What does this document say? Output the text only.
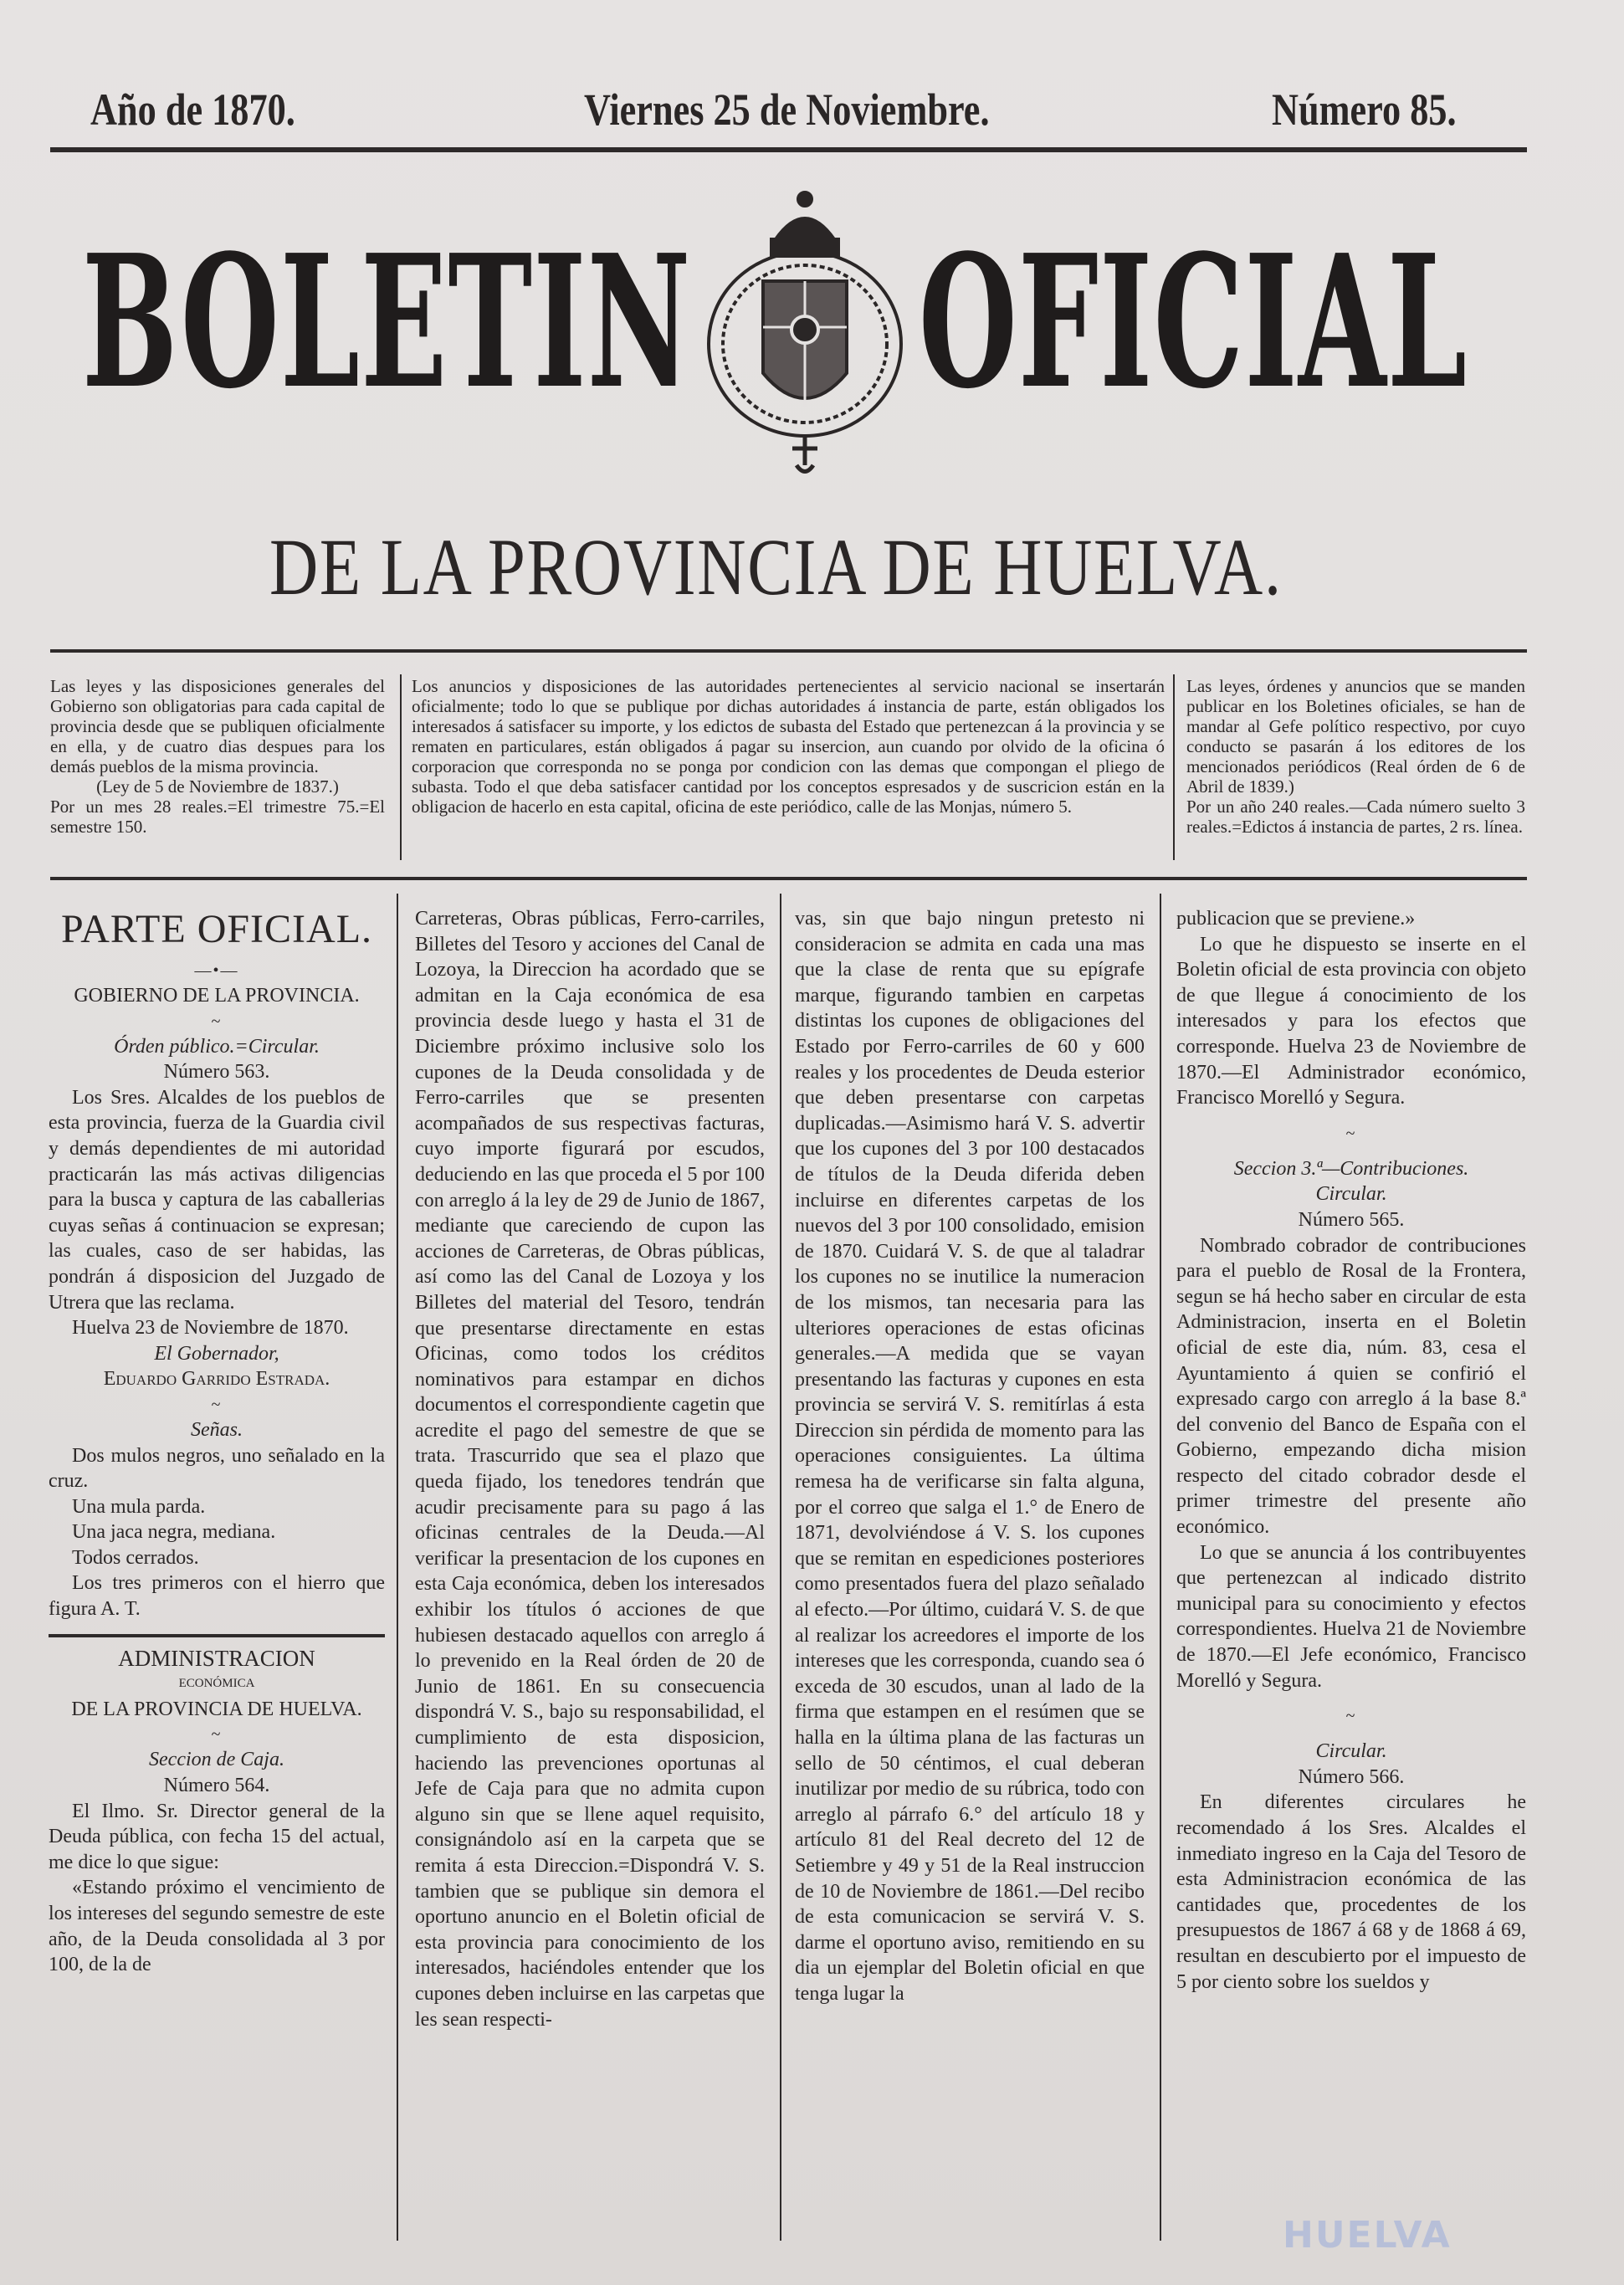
Año de 1870.	Viernes 25 de Noviembre.	Número 85.
BOLETIN OFICIAL
DE LA PROVINCIA DE HUELVA.
Las leyes y las disposiciones generales del Gobierno son obligatorias para cada capital de provincia desde que se publiquen oficialmente en ella, y de cuatro dias despues para los demás pueblos de la misma provincia.
(Ley de 5 de Noviembre de 1837.)
Por un mes 28 reales.=El trimestre 75.=El semestre 150.
Los anuncios y disposiciones de las autoridades pertenecientes al servicio nacional se insertarán oficialmente; todo lo que se publique por dichas autoridades á instancia de parte, están obligados los interesados á satisfacer su importe, y los edictos de subasta del Estado que pertenezcan á la provincia y se rematen en particulares, están obligados á pagar su insercion, aun cuando por olvido de la oficina ó corporacion que corresponda no se ponga por condicion con las demas que compongan el pliego de subasta. Todo el que deba satisfacer cantidad por los conceptos espresados y de suscricion están en la obligacion de hacerlo en esta capital, oficina de este periódico, calle de las Monjas, número 5.
Las leyes, órdenes y anuncios que se manden publicar en los Boletines oficiales, se han de mandar al Gefe político respectivo, por cuyo conducto se pasarán á los editores de los mencionados periódicos (Real órden de 6 de Abril de 1839.)
Por un año 240 reales.—Cada número suelto 3 reales.=Edictos á instancia de partes, 2 rs. línea.
PARTE OFICIAL.
—•—

GOBIERNO DE LA PROVINCIA.

~

Órden público.=Circular.

Número 563.

Los Sres. Alcaldes de los pueblos de esta provincia, fuerza de la Guardia civil y demás dependientes de mi autoridad practicarán las más activas diligencias para la busca y captura de las caballerias cuyas señas á continuacion se expresan; las cuales, caso de ser habidas, las pondrán á disposicion del Juzgado de Utrera que las reclama.

Huelva 23 de Noviembre de 1870.

El Gobernador,

Eduardo Garrido Estrada.

~

Señas.

Dos mulos negros, uno señalado en la cruz.

Una mula parda.

Una jaca negra, mediana.

Todos cerrados.

Los tres primeros con el hierro que figura A. T.

ADMINISTRACION

ECONÓMICA

DE LA PROVINCIA DE HUELVA.

~

Seccion de Caja.

Número 564.

El Ilmo. Sr. Director general de la Deuda pública, con fecha 15 del actual, me dice lo que sigue:

«Estando próximo el vencimiento de los intereses del segundo semestre de este año, de la Deuda consolidada al 3 por 100, de la de

Carreteras, Obras públicas, Ferro-carriles, Billetes del Tesoro y acciones del Canal de Lozoya, la Direccion ha acordado que se admitan en la Caja económica de esa provincia desde luego y hasta el 31 de Diciembre próximo inclusive solo los cupones de la Deuda consolidada y de Ferro-carriles que se presenten acompañados de sus respectivas facturas, cuyo importe figurará por escudos, deduciendo en las que proceda el 5 por 100 con arreglo á la ley de 29 de Junio de 1867, mediante que careciendo de cupon las acciones de Carreteras, de Obras públicas, así como las del Canal de Lozoya y los Billetes del material del Tesoro, tendrán que presentarse directamente en estas Oficinas, como todos los créditos nominativos para estampar en dichos documentos el correspondiente cagetin que acredite el pago del semestre de que se trata. Trascurrido que sea el plazo que queda fijado, los tenedores tendrán que acudir precisamente para su pago á las oficinas centrales de la Deuda.—Al verificar la presentacion de los cupones en esta Caja económica, deben los interesados exhibir los títulos ó acciones de que hubiesen destacado aquellos con arreglo á lo prevenido en la Real órden de 20 de Junio de 1861. En su consecuencia dispondrá V. S., bajo su responsabilidad, el cumplimiento de esta disposicion, haciendo las prevenciones oportunas al Jefe de Caja para que no admita cupon alguno sin que se llene aquel requisito, consignándolo así en la carpeta que se remita á esta Direccion.=Dispondrá V. S. tambien que se publique sin demora el oportuno anuncio en el Boletin oficial de esta provincia para conocimiento de los interesados, haciéndoles entender que los cupones deben incluirse en las carpetas que les sean respecti-

vas, sin que bajo ningun pretesto ni consideracion se admita en cada una mas que la clase de renta que su epígrafe marque, figurando tambien en carpetas distintas los cupones de obligaciones del Estado por Ferro-carriles de 60 y 600 reales y los procedentes de Deuda esterior que deben presentarse con carpetas duplicadas.—Asimismo hará V. S. advertir que los cupones del 3 por 100 destacados de títulos de la Deuda diferida deben incluirse en diferentes carpetas de los nuevos del 3 por 100 consolidado, emision de 1870. Cuidará V. S. de que al taladrar los cupones no se inutilice la numeracion de los mismos, tan necesaria para las ulteriores operaciones de estas oficinas generales.—A medida que se vayan presentando las facturas y cupones en esta provincia se servirá V. S. remitírlas á esta Direccion sin pérdida de momento para las operaciones consiguientes. La última remesa ha de verificarse sin falta alguna, por el correo que salga el 1.° de Enero de 1871, devolviéndose á V. S. los cupones que se remitan en espediciones posteriores como presentados fuera del plazo señalado al efecto.—Por último, cuidará V. S. de que al realizar los acreedores el importe de los intereses que les corresponda, cuando sea ó exceda de 30 escudos, unan al lado de la firma que estampen en el resúmen que se halla en la última plana de las facturas un sello de 50 céntimos, el cual deberan inutilizar por medio de su rúbrica, todo con arreglo al párrafo 6.° del artículo 18 y artículo 81 del Real decreto del 12 de Setiembre y 49 y 51 de la Real instruccion de 10 de Noviembre de 1861.—Del recibo de esta comunicacion se servirá V. S. darme el oportuno aviso, remitiendo en su dia un ejemplar del Boletin oficial en que tenga lugar la

publicacion que se previene.»

Lo que he dispuesto se inserte en el Boletin oficial de esta provincia con objeto de que llegue á conocimiento de los interesados y para los efectos que corresponde. Huelva 23 de Noviembre de 1870.—El Administrador económico, Francisco Morelló y Segura.

~

Seccion 3.ª—Contribuciones.

Circular.

Número 565.

Nombrado cobrador de contribuciones para el pueblo de Rosal de la Frontera, segun se há hecho saber en circular de esta Administracion, inserta en el Boletin oficial de este dia, núm. 83, cesa el Ayuntamiento á quien se confirió el expresado cargo con arreglo á la base 8.ª del convenio del Banco de España con el Gobierno, empezando dicha mision respecto del citado cobrador desde el primer trimestre del presente año económico.

Lo que se anuncia á los contribuyentes que pertenezcan al indicado distrito municipal para su conocimiento y efectos correspondientes. Huelva 21 de Noviembre de 1870.—El Jefe económico, Francisco Morelló y Segura.

~

Circular.

Número 566.

En diferentes circulares he recomendado á los Sres. Alcaldes el inmediato ingreso en la Caja del Tesoro de esta Administracion económica de las cantidades que, procedentes de los presupuestos de 1867 á 68 y de 1868 á 69, resultan en descubierto por el impuesto de 5 por ciento sobre los sueldos y

HUELVA
